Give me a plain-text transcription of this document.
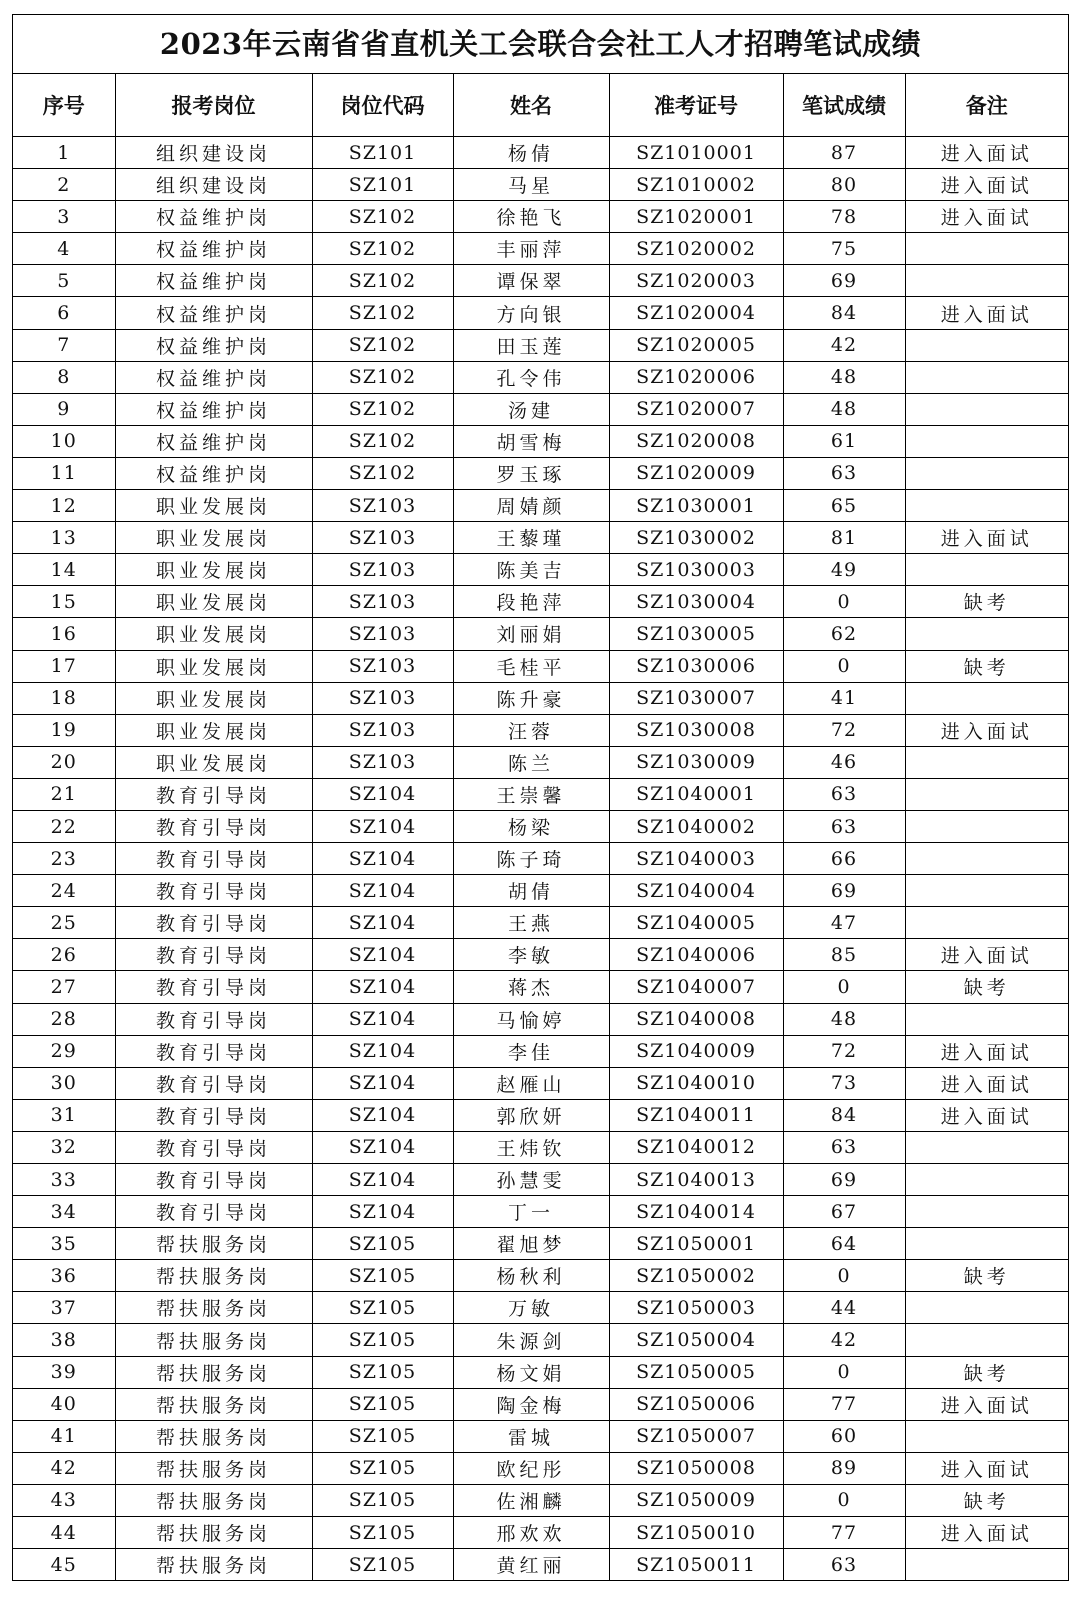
2023年云南省省直机关工会联合会社工人才招聘笔试成绩
序号	报考岗位	岗位代码	姓名	准考证号	笔试成绩	备注
1	组织建设岗	SZ101	杨倩	SZ1010001	87	进入面试
2	组织建设岗	SZ101	马星	SZ1010002	80	进入面试
3	权益维护岗	SZ102	徐艳飞	SZ1020001	78	进入面试
4	权益维护岗	SZ102	丰丽萍	SZ1020002	75	
5	权益维护岗	SZ102	谭保翠	SZ1020003	69	
6	权益维护岗	SZ102	方向银	SZ1020004	84	进入面试
7	权益维护岗	SZ102	田玉莲	SZ1020005	42	
8	权益维护岗	SZ102	孔令伟	SZ1020006	48	
9	权益维护岗	SZ102	汤建	SZ1020007	48	
10	权益维护岗	SZ102	胡雪梅	SZ1020008	61	
11	权益维护岗	SZ102	罗玉琢	SZ1020009	63	
12	职业发展岗	SZ103	周婧颜	SZ1030001	65	
13	职业发展岗	SZ103	王藜瑾	SZ1030002	81	进入面试
14	职业发展岗	SZ103	陈美吉	SZ1030003	49	
15	职业发展岗	SZ103	段艳萍	SZ1030004	0	缺考
16	职业发展岗	SZ103	刘丽娟	SZ1030005	62	
17	职业发展岗	SZ103	毛桂平	SZ1030006	0	缺考
18	职业发展岗	SZ103	陈升豪	SZ1030007	41	
19	职业发展岗	SZ103	汪蓉	SZ1030008	72	进入面试
20	职业发展岗	SZ103	陈兰	SZ1030009	46	
21	教育引导岗	SZ104	王崇馨	SZ1040001	63	
22	教育引导岗	SZ104	杨梁	SZ1040002	63	
23	教育引导岗	SZ104	陈子琦	SZ1040003	66	
24	教育引导岗	SZ104	胡倩	SZ1040004	69	
25	教育引导岗	SZ104	王燕	SZ1040005	47	
26	教育引导岗	SZ104	李敏	SZ1040006	85	进入面试
27	教育引导岗	SZ104	蒋杰	SZ1040007	0	缺考
28	教育引导岗	SZ104	马愉婷	SZ1040008	48	
29	教育引导岗	SZ104	李佳	SZ1040009	72	进入面试
30	教育引导岗	SZ104	赵雁山	SZ1040010	73	进入面试
31	教育引导岗	SZ104	郭欣妍	SZ1040011	84	进入面试
32	教育引导岗	SZ104	王炜钦	SZ1040012	63	
33	教育引导岗	SZ104	孙慧雯	SZ1040013	69	
34	教育引导岗	SZ104	丁一	SZ1040014	67	
35	帮扶服务岗	SZ105	翟旭梦	SZ1050001	64	
36	帮扶服务岗	SZ105	杨秋利	SZ1050002	0	缺考
37	帮扶服务岗	SZ105	万敏	SZ1050003	44	
38	帮扶服务岗	SZ105	朱源剑	SZ1050004	42	
39	帮扶服务岗	SZ105	杨文娟	SZ1050005	0	缺考
40	帮扶服务岗	SZ105	陶金梅	SZ1050006	77	进入面试
41	帮扶服务岗	SZ105	雷城	SZ1050007	60	
42	帮扶服务岗	SZ105	欧纪彤	SZ1050008	89	进入面试
43	帮扶服务岗	SZ105	佐湘麟	SZ1050009	0	缺考
44	帮扶服务岗	SZ105	邢欢欢	SZ1050010	77	进入面试
45	帮扶服务岗	SZ105	黄红丽	SZ1050011	63	
